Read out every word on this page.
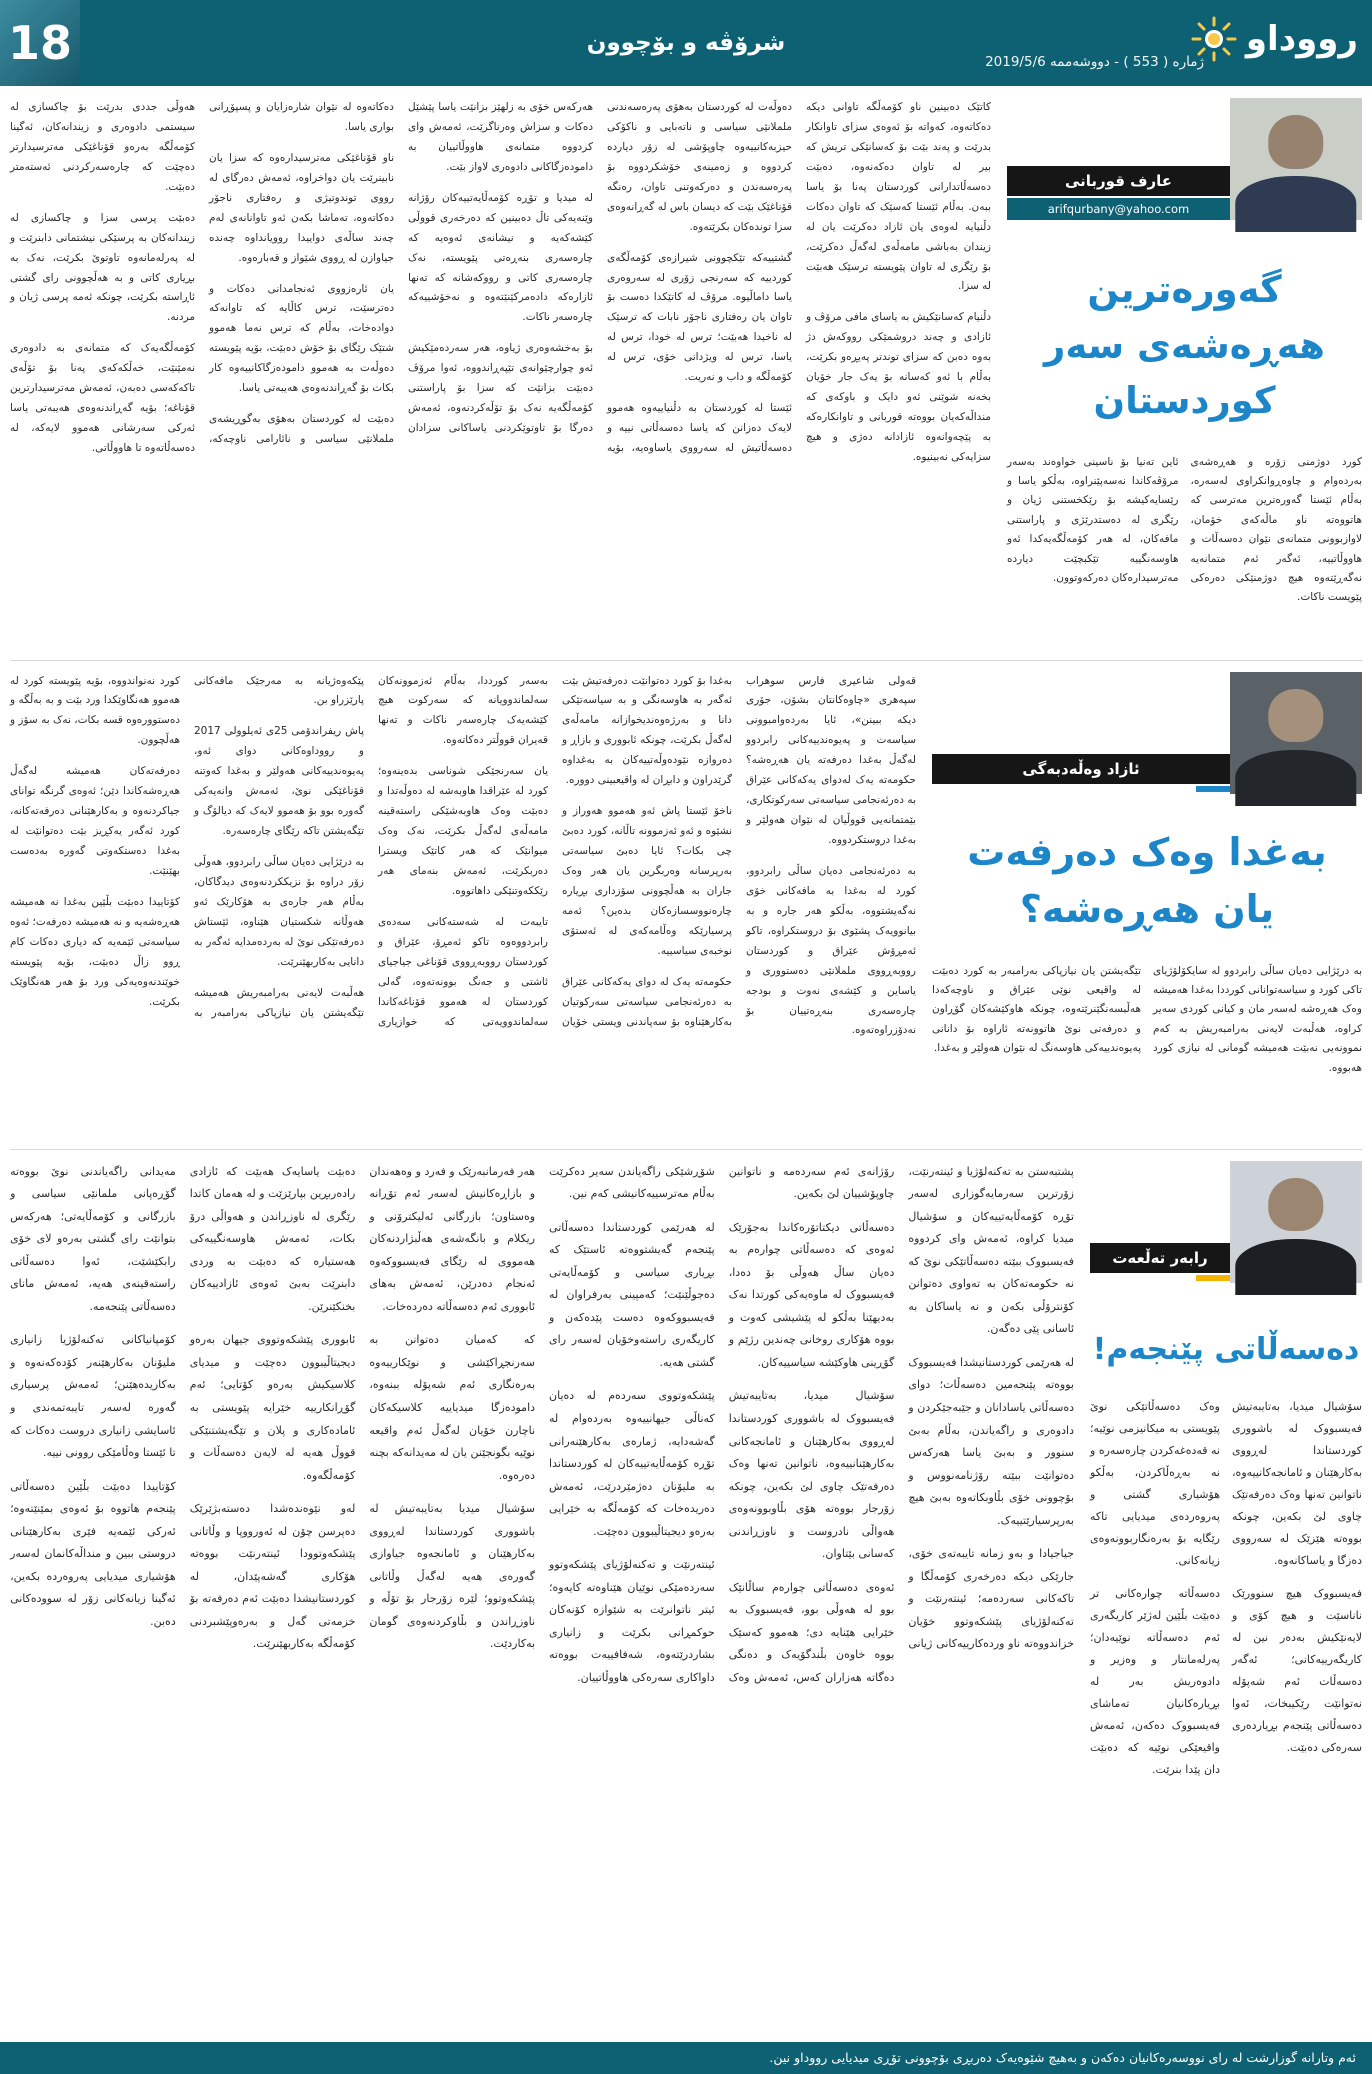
18	شرۆڤە و بۆچوون
ژمارە ( 553 ) - دووشەممە 2019/5/6
رووداو
عارف قوربانی
arifqurbany@yahoo.com
گەورەترین هەڕەشەی سەر کوردستان

کورد دوژمنی زۆرە و هەڕەشەی بەردەوام و چاوەڕوانکراوی لەسەرە، بەڵام ئێستا گەورەترین مەترسی کە هاتووەتە ناو ماڵەکەی خۆمان، لاوازبوونی متمانەی نێوان دەسەڵات و هاووڵاتییە، ئەگەر ئەم متمانەیە نەگەڕێتەوە هیچ دوژمنێکی دەرەکی پێویست ناکات.

ئاین تەنیا بۆ ناسینی خواوەند بەسەر مرۆڤەکاندا نەسەپێنراوە، بەڵکو یاسا و رێسایەکیشە بۆ رێکخستنی ژیان و رێگری لە دەستدرێژی و پاراستنی مافەکان، لە هەر کۆمەڵگەیەکدا ئەو هاوسەنگییە تێکبچێت دیاردە مەترسیدارەکان دەرکەوتوون.

کاتێک دەبینین ناو کۆمەڵگە تاوانی دیکە دەکاتەوە، کەواتە بۆ ئەوەی سزای تاوانکار بدرێت و پەند بێت بۆ کەسانێکی تریش کە بیر لە تاوان دەکەنەوە، دەبێت دەسەڵاتدارانی کوردستان پەنا بۆ یاسا ببەن. بەڵام ئێستا کەسێک کە تاوان دەکات دڵنیایە لەوەی یان ئازاد دەکرێت یان لە زیندان بەباشی مامەڵەی لەگەڵ دەکرێت، بۆ رێگری لە تاوان پێویستە ترسێک هەبێت لە سزا.

دڵنیام کەسانێکیش بە یاسای مافی مرۆڤ و ئازادی و چەند دروشمێکی رووکەش دژ بەوە دەبن کە سزای توندتر پەیڕەو بکرێت، بەڵام با ئەو کەسانە بۆ یەک جار خۆیان بخەنە شوێنی ئەو دایک و باوکەی کە منداڵەکەیان بووەتە قوربانی و تاوانکارەکە بە پێچەوانەوە ئازادانە دەژی و هیچ سزایەکی نەبینیوە.

دەوڵەت لە کوردستان بەهۆی پەرەسەندنی ململانێی سیاسی و ناتەبایی و ناکۆکی حیزبەکانییەوە چاوپۆشی لە زۆر دیاردە کردووە و زەمینەی خۆشکردووە بۆ پەرەسەندن و دەرکەوتنی تاوان، رەنگە قۆناغێک بێت کە دیسان باس لە گەڕانەوەی سزا توندەکان بکرێتەوە.

گشتییەکە تێکچوونی شیرازەی کۆمەڵگەی کوردییە کە سەرنجی زۆری لە سەروەری یاسا داماڵیوە. مرۆڤ لە کاتێکدا دەست بۆ تاوان یان رەفتاری ناجۆر نابات کە ترسێک لە ناخیدا هەبێت؛ ترس لە خودا، ترس لە یاسا، ترس لە ویژدانی خۆی، ترس لە کۆمەڵگە و داب و نەریت.

ئێستا لە کوردستان بە دڵنیاییەوە هەموو لایەک دەزانن کە یاسا دەسەڵاتی نییە و دەسەڵاتیش لە سەرووی یاساوەیە، بۆیە هەرکەس خۆی بە زلهێز بزانێت یاسا پێشێل دەکات و سزاش وەرناگرێت، ئەمەش وای کردووە متمانەی هاووڵاتییان بە دامودەزگاکانی دادوەری لاواز بێت.

لە میدیا و تۆڕە کۆمەڵایەتییەکان رۆژانە وێنەیەکی تاڵ دەبینین کە دەرخەری قووڵی کێشەکەیە و نیشانەی ئەوەیە کە چارەسەری بنەڕەتی پێویستە، نەک چارەسەری کاتی و رووکەشانە کە تەنها ئازارەکە دادەمرکێنێتەوە و نەخۆشییەکە چارەسەر ناکات.

بۆ بەخشەوەری ژیاوە، هەر سەردەمێکیش ئەو چوارچێوانەی تێپەڕاندووە، ئەوا مرۆڤ دەبێت بزانێت کە سزا بۆ پاراستنی کۆمەڵگەیە نەک بۆ تۆڵەکردنەوە، ئەمەش دەرگا بۆ تاوتوێکردنی یاساکانی سزادان دەکاتەوە لە نێوان شارەزایان و پسپۆڕانی بواری یاسا.

ناو قۆناغێکی مەترسیدارەوە کە سزا یان نابینرێت یان دواخراوە، ئەمەش دەرگای لە رووی توندوتیژی و رەفتاری ناجۆر دەکاتەوە، تەماشا بکەن ئەو تاوانانەی لەم چەند ساڵەی دواییدا روویانداوە چەندە جیاوازن لە ڕووی شێواز و قەبارەوە.

یان ئارەزووی ئەنجامدانی دەکات و دەترسێت، ترس کاڵایە کە تاوانەکە دوادەخات، بەڵام کە ترس نەما هەموو شتێک رێگای بۆ خۆش دەبێت، بۆیە پێویستە دەوڵەت بە هەموو دامودەزگاکانییەوە کار بکات بۆ گەڕاندنەوەی هەیبەتی یاسا.

دەبێت لە کوردستان بەهۆی بەگوڕیشەی ململانێی سیاسی و نائارامی ناوچەکە، هەوڵی جددی بدرێت بۆ چاکسازی لە سیستمی دادوەری و زیندانەکان، ئەگینا کۆمەڵگە بەرەو قۆناغێکی مەترسیدارتر دەچێت کە چارەسەرکردنی ئەستەمتر دەبێت.

دەبێت پرسی سزا و چاکسازی لە زیندانەکان بە پرسێکی نیشتمانی دابنرێت و لە پەرلەمانەوە تاوتوێ بکرێت، نەک بە بڕیاری کاتی و بە هەڵچوونی رای گشتی ئاڕاستە بکرێت، چونکە ئەمە پرسی ژیان و مردنە.

کۆمەڵگەیەک کە متمانەی بە دادوەری نەمێنێت، خەڵکەکەی پەنا بۆ تۆڵەی تاکەکەسی دەبەن، ئەمەش مەترسیدارترین قۆناغە؛ بۆیە گەڕاندنەوەی هەیبەتی یاسا ئەرکی سەرشانی هەموو لایەکە، لە دەسەڵاتەوە تا هاووڵاتی.

ئازاد وەڵەدبەگی
بەغدا وەک دەرفەت یان هەڕەشە؟

بە درێژایی دەیان ساڵی رابردوو لە سایکۆلۆژیای تاکی کورد و سیاسەتوانانی کورددا بەغدا هەمیشە وەک هەڕەشە لەسەر مان و کیانی کوردی سەیر کراوە، هەڵبەت لایەنی بەرامبەریش بە کەم نموونەیی نەبێت هەمیشە گومانی لە نیازی کورد هەبووە.

تێگەیشتن یان نیازپاکی بەرامبەر بە کورد دەبێت لە واقیعی نوێی عێراق و ناوچەکەدا هەڵبسەنگێنرێتەوە، چونکە هاوکێشەکان گۆڕاون و دەرفەتی نوێ هاتوونەتە ئاراوە بۆ دانانی پەیوەندییەکی هاوسەنگ لە نێوان هەولێر و بەغدا.

قەولی شاعیری فارس سوهراب سپەهری «چاوەکانتان بشۆن، جۆری دیکە ببینن»، ئایا بەردەوامبوونی سیاسەت و پەیوەندییەکانی رابردوو لەگەڵ بەغدا دەرفەتە یان هەڕەشە؟ حکومەتە یەک لەدوای یەکەکانی عێراق بە دەرئەنجامی سیاسەتی سەرکوتکاری، بێمتمانەیی قووڵیان لە نێوان هەولێر و بەغدا دروستکردووە.

بە دەرئەنجامی دەیان ساڵی رابردوو، کورد لە بەغدا بە مافەکانی خۆی نەگەیشتووە، بەڵکو هەر جارە و بە بیانوویەک پشێوی بۆ دروستکراوە، تاکو ئەمڕۆش عێراق و کوردستان رووبەڕووی ململانێی دەستووری و یاساین و کێشەی نەوت و بودجە چارەسەری بنەڕەتییان بۆ نەدۆزراوەتەوە.

بەغدا بۆ کورد دەتوانێت دەرفەتیش بێت ئەگەر بە هاوسەنگی و بە سیاسەتێکی دانا و بەرژەوەندیخوازانە مامەڵەی لەگەڵ بکرێت، چونکە ئابووری و بازاڕ و دەروازە نێودەوڵەتییەکان بە بەغداوە گرێدراون و دابڕان لە واقیعبینی دوورە.

ناخۆ ئێستا پاش ئەو هەموو هەوراز و نشێوە و ئەو ئەزموونە تاڵانە، کورد دەبێ چی بکات؟ ئایا دەبێ سیاسەتی بەرپرسانە وەربگرین یان هەر وەک جاران بە هەڵچوونی سۆزداری بڕیارە چارەنووسسازەکان بدەین؟ ئەمە پرسیارێکە وەڵامەکەی لە ئەستۆی نوخبەی سیاسییە.

حکومەتە یەک لە دوای یەکەکانی عێراق بە دەرئەنجامی سیاسەتی سەرکوتیان بەکارهێناوە بۆ سەپاندنی ویستی خۆیان بەسەر کورددا، بەڵام ئەزموونەکان سەلماندوویانە کە سەرکوت هیچ کێشەیەک چارەسەر ناکات و تەنها قەیران قووڵتر دەکاتەوە.

یان سەرنجێکی شوناسی بدەینەوە؛ کورد لە عێراقدا هاوبەشە لە دەوڵەتدا و دەبێت وەک هاوبەشێکی راستەقینە مامەڵەی لەگەڵ بکرێت، نەک وەک میوانێک کە هەر کاتێک ویسترا دەربکرێت، ئەمەش بنەمای هەر رێککەوتنێکی داهاتووە.

تایبەت لە شەستەکانی سەدەی رابردووەوە تاکو ئەمڕۆ، عێراق و کوردستان رووبەڕووی قۆناغی جیاجیای ئاشتی و جەنگ بوونەتەوە، گەلی کوردستان لە هەموو قۆناغەکاندا سەلماندوویەتی کە خوازیاری پێکەوەژیانە بە مەرجێک مافەکانی پارێزراو بن.

پاش ریفراندۆمی 25ی ئەیلوولی 2017 و رووداوەکانی دوای ئەو، پەیوەندییەکانی هەولێر و بەغدا کەوتنە قۆناغێکی نوێ، ئەمەش وانەیەکی گەورە بوو بۆ هەموو لایەک کە دیالۆگ و تێگەیشتن تاکە رێگای چارەسەرە.

بە درێژایی دەیان ساڵی رابردوو، هەوڵی زۆر دراوە بۆ نزیککردنەوەی دیدگاکان، بەڵام هەر جارەی بە هۆکارێک ئەو هەوڵانە شکستیان هێناوە، ئێستاش دەرفەتێکی نوێ لە بەردەمدایە ئەگەر بە دانایی بەکاربهێنرێت.

هەڵبەت لایەنی بەرامبەریش هەمیشە تێگەیشتن یان نیازپاکی بەرامبەر بە کورد نەنواندووە، بۆیە پێویستە کورد لە هەموو هەنگاوێکدا ورد بێت و بە بەڵگە و دەستوورەوە قسە بکات، نەک بە سۆز و هەڵچوون.

دەرفەتەکان هەمیشە لەگەڵ هەڕەشەکاندا دێن؛ ئەوەی گرنگە توانای جیاکردنەوە و بەکارهێنانی دەرفەتەکانە، کورد ئەگەر یەکڕیز بێت دەتوانێت لە بەغدا دەستکەوتی گەورە بەدەست بهێنێت.

کۆتاییدا دەبێت بڵێین بەغدا نە هەمیشە هەڕەشەیە و نە هەمیشە دەرفەت؛ ئەوە سیاسەتی ئێمەیە کە دیاری دەکات کام ڕوو زاڵ دەبێت، بۆیە پێویستە خوێندنەوەیەکی ورد بۆ هەر هەنگاوێک بکرێت.

رابەر تەڵعەت
دەسەڵاتی پێنجەم!

سۆشیال میدیا، بەتایبەتیش فەیسبووک لە باشووری کوردستاندا لەڕووی بەکارهێنان و ئامانجەکانییەوە، ناتوانین تەنها وەک دەرفەتێک چاوی لێ بکەین، چونکە بووەتە هێزێک لە سەرووی دەزگا و یاساکانەوە.

فەیسبووک هیچ سنوورێک ناناسێت و هیچ کۆی و لایەنێکیش بەدەر نین لە کاریگەرییەکانی؛ ئەگەر دەسەڵات ئەم شەپۆلە نەتوانێت رێکیبخات، ئەوا دەسەڵاتی پێنجەم بڕیاردەری سەرەکی دەبێت.

وەک دەسەڵاتێکی نوێ پێویستی بە میکانیزمی نوێیە؛ نە قەدەغەکردن چارەسەرە و نە بەڕەڵاکردن، بەڵکو هۆشیاری گشتی و پەروەردەی میدیایی تاکە رێگایە بۆ بەرەنگاربوونەوەی زیانەکانی.

دەسەڵاتە چوارەکانی تر دەبێت بڵێین لەژێر کاریگەری ئەم دەسەڵاتە نوێیەدان؛ پەرلەمانتار و وەزیر و دادوەریش بەر لە بڕیارەکانیان تەماشای فەیسبووک دەکەن، ئەمەش واقیعێکی نوێیە کە دەبێت دان پێدا بنرێت.

پشتبەستن بە تەکنەلۆژیا و ئینتەرنێت، زۆرترین سەرمایەگوزاری لەسەر تۆڕە کۆمەڵایەتییەکان و سۆشیال میدیا کراوە، ئەمەش وای کردووە فەیسبووک ببێتە دەسەڵاتێکی نوێ کە نە حکومەتەکان بە تەواوی دەتوانن کۆنترۆڵی بکەن و نە یاساکان بە ئاسانی پێی دەگەن.

لە هەرێمی کوردستانیشدا فەیسبووک بووەتە پێنجەمین دەسەڵات؛ دوای دەسەڵاتی یاسادانان و جێبەجێکردن و دادوەری و راگەیاندن، بەڵام بەبێ سنوور و بەبێ یاسا هەرکەس دەتوانێت ببێتە رۆژنامەنووس و بۆچوونی خۆی بڵاوبکاتەوە بەبێ هیچ بەرپرسیارێتییەک.

جیاجیادا و بەو زمانە تایبەتەی خۆی، جارێکی دیکە دەرخەری کۆمەڵگا و تاکەکانی سەردەمە؛ ئینتەرنێت و تەکنەلۆژیای پێشکەوتوو خۆیان خزاندووەتە ناو وردەکارییەکانی ژیانی رۆژانەی ئەم سەردەمە و ناتوانین چاوپۆشییان لێ بکەین.

دەسەڵاتی دیکتاتۆرەکاندا بەجۆرێک ئەوەی کە دەسەڵاتی چوارەم بە دەیان ساڵ هەوڵی بۆ دەدا، فەیسبووک لە ماوەیەکی کورتدا نەک بەدیهێنا بەڵکو لە پێشیشی کەوت و بووە هۆکاری روخانی چەندین رژێم و گۆڕینی هاوکێشە سیاسییەکان.

سۆشیال میدیا، بەتایبەتیش فەیسبووک لە باشووری کوردستاندا لەڕووی بەکارهێنان و ئامانجەکانی بەکارهێنانییەوە، ناتوانین تەنها وەک دەرفەتێک چاوی لێ بکەین، چونکە زۆرجار بووەتە هۆی بڵاوبوونەوەی هەواڵی نادروست و ناوزڕاندنی کەسانی بێتاوان.

ئەوەی دەسەڵاتی چوارەم ساڵانێک بوو لە هەوڵی بوو، فەیسبووک بە خێرایی هێنایە دی؛ هەموو کەسێک بووە خاوەن بڵندگۆیەک و دەنگی دەگاتە هەزاران کەس، ئەمەش وەک شۆڕشێکی راگەیاندن سەیر دەکرێت بەڵام مەترسییەکانیشی کەم نین.

لە هەرێمی کوردستاندا دەسەڵاتی پێنجەم گەیشتووەتە ئاستێک کە بڕیاری سیاسی و کۆمەڵایەتی دەجوڵێنێت؛ کەمپینی بەرفراوان لە فەیسبووکەوە دەست پێدەکەن و کاریگەری راستەوخۆیان لەسەر رای گشتی هەیە.

پێشکەوتووی سەردەم لە دەیان کەناڵی جیهانییەوە بەردەوام لە گەشەدایە، ژمارەی بەکارهێنەرانی تۆڕە کۆمەڵایەتییەکان لە کوردستاندا بە ملیۆنان دەژمێردرێت، ئەمەش دەریدەخات کە کۆمەڵگە بە خێرایی بەرەو دیجیتاڵیبوون دەچێت.

ئینتەرنێت و تەکنەلۆژیای پێشکەوتوو سەردەمێکی نوێیان هێناوەتە کایەوە؛ ئیتر ناتوانرێت بە شێوازە کۆنەکان حوکمڕانی بکرێت و زانیاری بشاردرێتەوە، شەفافییەت بووەتە داواکاری سەرەکی هاووڵاتییان.

هەر فەرمانبەرێک و فەرد و وەهەندان و بازاڕەکانیش لەسەر ئەم تۆڕانە وەستاون؛ بازرگانی ئەلیکترۆنی و ریکلام و بانگەشەی هەڵبژاردنەکان هەمووی لە رێگای فەیسبووکەوە ئەنجام دەدرێن، ئەمەش بەهای ئابووری ئەم دەسەڵاتە دەردەخات.

کە کەمیان دەتوانن بە سەرنجڕاکێشی و نوێکارییەوە بەرەنگاری ئەم شەپۆلە ببنەوە، دامودەزگا میدیاییە کلاسیکەکان ناچارن خۆیان لەگەڵ ئەم واقیعە نوێیە بگونجێنن یان لە مەیدانەکە بچنە دەرەوە.

سۆشیال میدیا بەتایبەتیش لە باشووری کوردستاندا لەڕووی بەکارهێنان و ئامانجەوە جیاوازی گەورەی هەیە لەگەڵ وڵاتانی پێشکەوتوو؛ لێرە زۆرجار بۆ تۆڵە و ناوزڕاندن و بڵاوکردنەوەی گومان بەکاردێت.

دەبێت یاسایەک هەبێت کە ئازادی رادەربڕین بپارێزێت و لە هەمان کاتدا رێگری لە ناوزڕاندن و هەواڵی درۆ بکات، ئەمەش هاوسەنگییەکی هەستیارە کە دەبێت بە وردی دابنرێت بەبێ ئەوەی ئازادییەکان بخنکێنرێن.

ئابووری پێشکەوتووی جیهان بەرەو دیجیتاڵیبوون دەچێت و میدیای کلاسیکیش بەرەو کۆتایی؛ ئەم گۆڕانکارییە خێرایە پێویستی بە ئامادەکاری و پلان و تێگەیشتنێکی قووڵ هەیە لە لایەن دەسەڵات و کۆمەڵگەوە.

لەو نێوەندەشدا دەستەبژێرێک دەپرسن چۆن لە ئەورووپا و وڵاتانی پێشکەوتوودا ئینتەرنێت بووەتە هۆکاری گەشەپێدان، لە کوردستانیشدا دەبێت ئەم دەرفەتە بۆ خزمەتی گەل و بەرەوپێشبردنی کۆمەڵگە بەکاربهێنرێت.

مەیدانی راگەیاندنی نوێ بووەتە گۆڕەپانی ملمانێی سیاسی و بازرگانی و کۆمەڵایەتی؛ هەرکەس بتوانێت رای گشتی بەرەو لای خۆی رابکێشێت، ئەوا دەسەڵاتی راستەقینەی هەیە، ئەمەش مانای دەسەڵاتی پێنجەمە.

کۆمپانیاکانی تەکنەلۆژیا زانیاری ملیۆنان بەکارهێنەر کۆدەکەنەوە و بەکاریدەهێنن؛ ئەمەش پرسیاری گەورە لەسەر تایبەتمەندی و ئاسایشی زانیاری دروست دەکات کە تا ئێستا وەڵامێکی روونی نییە.

کۆتاییدا دەبێت بڵێین دەسەڵاتی پێنجەم هاتووە بۆ ئەوەی بمێنێتەوە؛ ئەرکی ئێمەیە فێری بەکارهێنانی دروستی ببین و منداڵەکانمان لەسەر هۆشیاری میدیایی پەروەردە بکەین، ئەگینا زیانەکانی زۆر لە سوودەکانی دەبن.

ئەم وتارانە گوزارشت لە رای نووسەرەکانیان دەکەن و بەهیچ شێوەیەک دەربڕی بۆچوونی تۆڕی میدیایی رووداو نین.
